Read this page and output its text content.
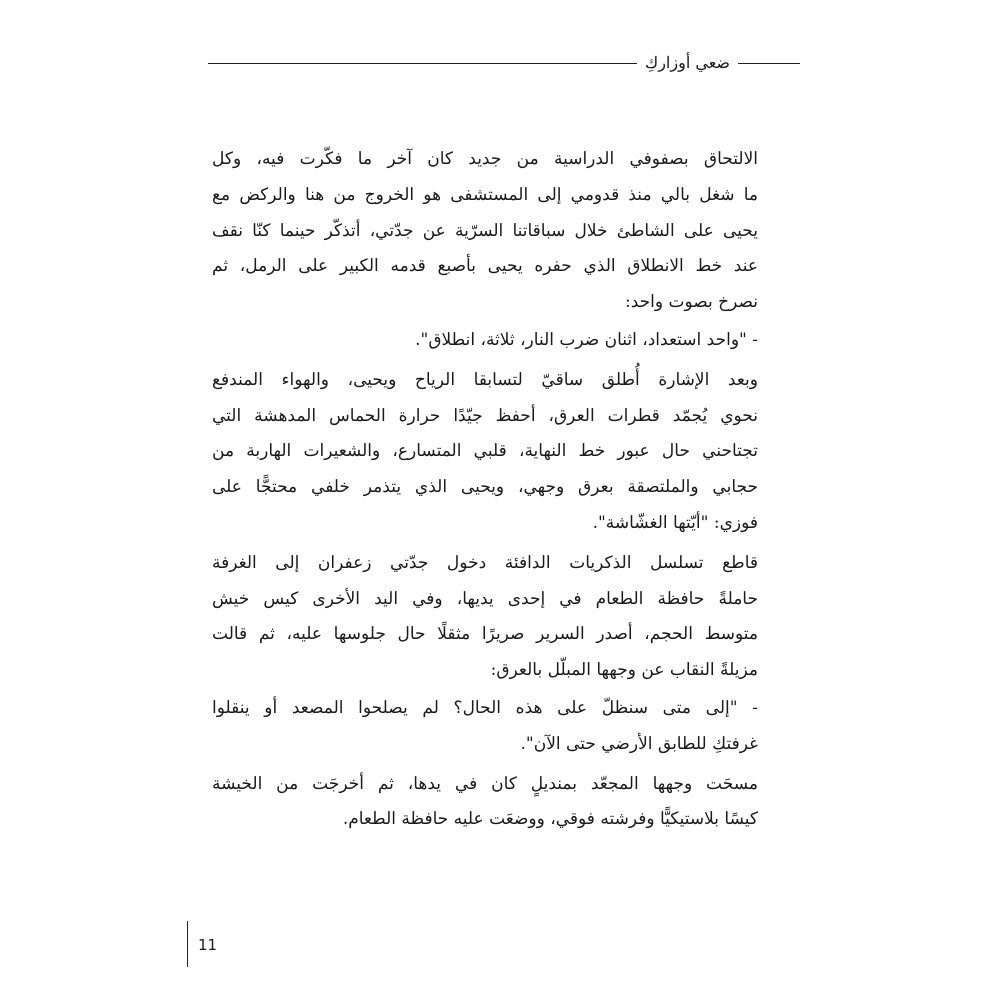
ضعي أوزاركِ

الالتحاق بصفوفي الدراسية من جديد كان آخر ما فكّرت فيه، وكل
ما شغل بالي منذ قدومي إلى المستشفى هو الخروج من هنا والركض مع
يحيى على الشاطئ خلال سباقاتنا السرّية عن جدّتي، أتذكّر حينما كنّا نقف
عند خط الانطلاق الذي حفره يحيى بأصبع قدمه الكبير على الرمل، ثم
نصرخ بصوت واحد:

- "واحد استعداد، اثنان ضرب النار، ثلاثة، انطلاق".

وبعد الإشارة أُطلق ساقيّ لتسابقا الرياح ويحيى، والهواء المندفع
نحوي يُجمّد قطرات العرق، أحفظ جيّدًا حرارة الحماس المدهشة التي
تجتاحني حال عبور خط النهاية، قلبي المتسارع، والشعيرات الهاربة من
حجابي والملتصقة بعرق وجهي، ويحيى الذي يتذمر خلفي محتجًّا على
فوزي: "أيّتها الغشّاشة".

قاطع تسلسل الذكريات الدافئة دخول جدّتي زعفران إلى الغرفة
حاملةً حافظة الطعام في إحدى يديها، وفي اليد الأخرى كيس خيش
متوسط الحجم، أصدر السرير صريرًا مثقلًا حال جلوسها عليه، ثم قالت
مزيلةً النقاب عن وجهها المبلّل بالعرق:

- "إلى متى سنظلّ على هذه الحال؟ لم يصلحوا المصعد أو ينقلوا
غرفتكِ للطابق الأرضي حتى الآن".

مسحَت وجهها المجعّد بمنديلٍ كان في يدها، ثم أخرجَت من الخيشة
كيسًا بلاستيكيًّا وفرشته فوقي، ووضعَت عليه حافظة الطعام.

11
